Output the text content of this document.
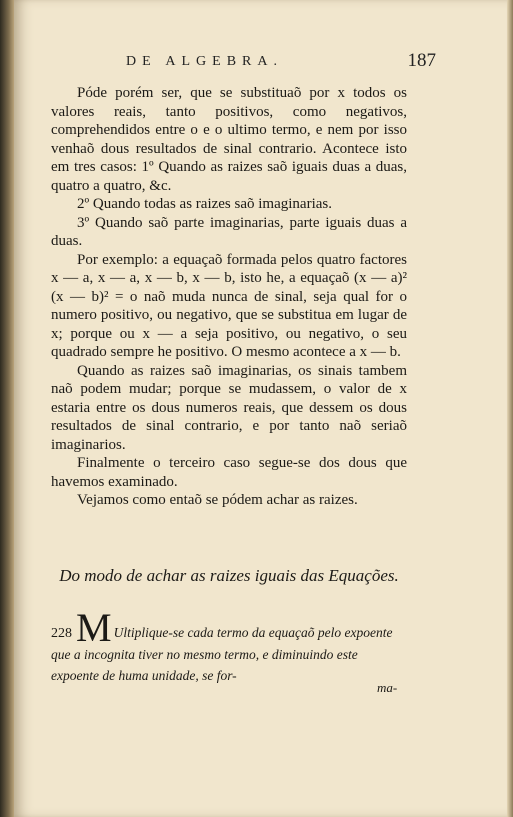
DE ALGEBRA.	187

Póde porém ser, que se substituaõ por x todos os valores reais, tanto positivos, como negativos, comprehendidos entre o e o ultimo termo, e nem por isso venhaõ dous resultados de sinal contrario. Acontece isto em tres casos: 1º Quando as raizes saõ iguais duas a duas, quatro a quatro, &c.

2º Quando todas as raizes saõ imaginarias.

3º Quando saõ parte imaginarias, parte iguais duas a duas.

Por exemplo: a equaçaõ formada pelos quatro factores x — a, x — a, x — b, x — b, isto he, a equaçaõ (x — a)² (x — b)² = o naõ muda nunca de sinal, seja qual for o numero positivo, ou negativo, que se substitua em lugar de x; porque ou x — a seja positivo, ou negativo, o seu quadrado sempre he positivo. O mesmo acontece a x — b.

Quando as raizes saõ imaginarias, os sinais tambem naõ podem mudar; porque se mudassem, o valor de x estaria entre os dous numeros reais, que dessem os dous resultados de sinal contrario, e por tanto naõ seriaõ imaginarios.

Finalmente o terceiro caso segue-se dos dous que havemos examinado.

Vejamos como entaõ se pódem achar as raizes.

Do modo de achar as raizes iguais das Equações.
228 M Ultiplique-se cada termo da equaçaõ pelo expoente que a incognita tiver no mesmo termo, e diminuindo este expoente de huma unidade, se for-
ma-
